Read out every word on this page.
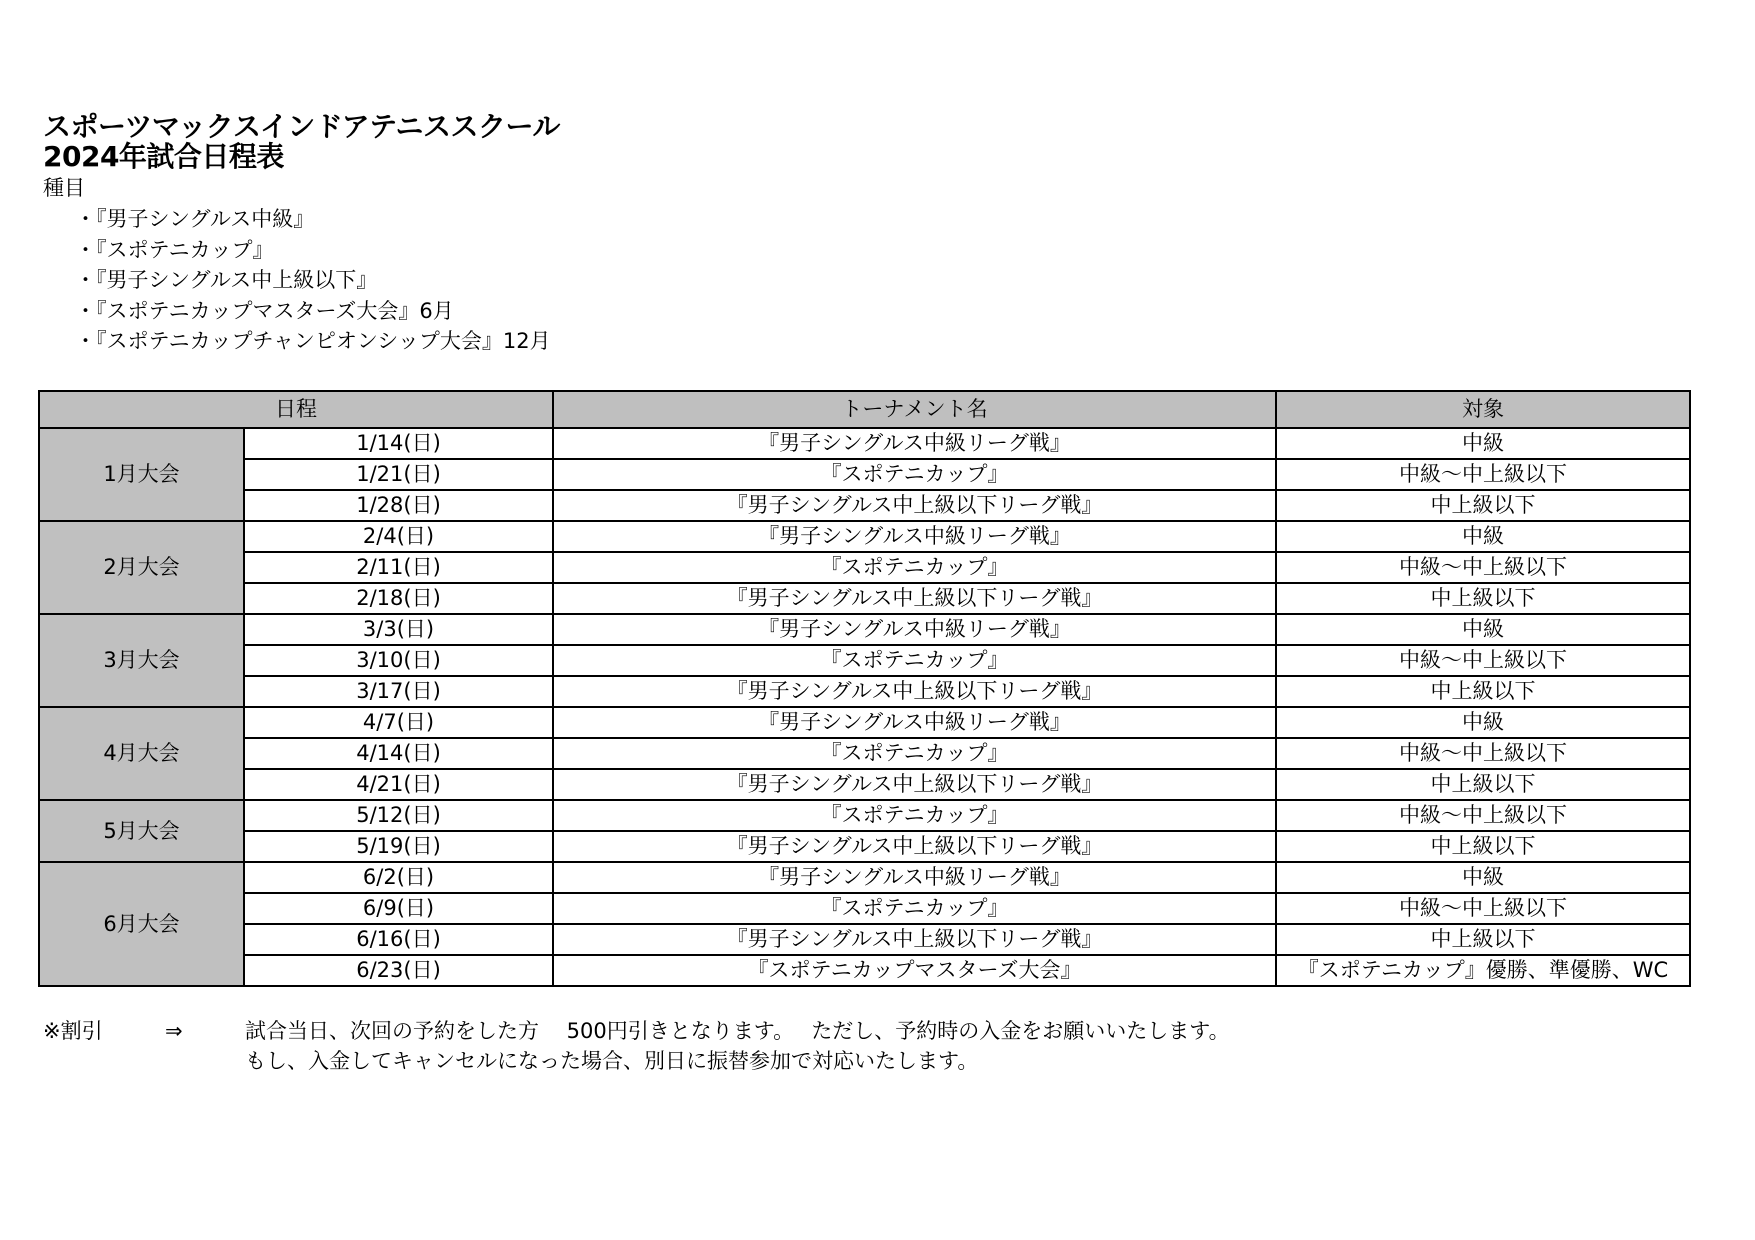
スポーツマックスインドアテニススクール
2024年試合日程表
種目
・『男子シングルス中級』
・『スポテニカップ』
・『男子シングルス中上級以下』
・『スポテニカップマスターズ大会』6月
・『スポテニカップチャンピオンシップ大会』12月
日程		トーナメント名	対象
1月大会	1/14(日)	『男子シングルス中級リーグ戦』	中級
	1/21(日)	『スポテニカップ』	中級～中上級以下
	1/28(日)	『男子シングルス中上級以下リーグ戦』	中上級以下
2月大会	2/4(日)	『男子シングルス中級リーグ戦』	中級
	2/11(日)	『スポテニカップ』	中級～中上級以下
	2/18(日)	『男子シングルス中上級以下リーグ戦』	中上級以下
3月大会	3/3(日)	『男子シングルス中級リーグ戦』	中級
	3/10(日)	『スポテニカップ』	中級～中上級以下
	3/17(日)	『男子シングルス中上級以下リーグ戦』	中上級以下
4月大会	4/7(日)	『男子シングルス中級リーグ戦』	中級
	4/14(日)	『スポテニカップ』	中級～中上級以下
	4/21(日)	『男子シングルス中上級以下リーグ戦』	中上級以下
5月大会	5/12(日)	『スポテニカップ』	中級～中上級以下
	5/19(日)	『男子シングルス中上級以下リーグ戦』	中上級以下
6月大会	6/2(日)	『男子シングルス中級リーグ戦』	中級
	6/9(日)	『スポテニカップ』	中級～中上級以下
	6/16(日)	『男子シングルス中上級以下リーグ戦』	中上級以下
	6/23(日)	『スポテニカップマスターズ大会』	『スポテニカップ』優勝、準優勝、WC
※割引	⇒	試合当日、次回の予約をした方　 500円引きとなります。　 ただし、予約時の入金をお願いいたします。
もし、入金してキャンセルになった場合、別日に振替参加で対応いたします。
